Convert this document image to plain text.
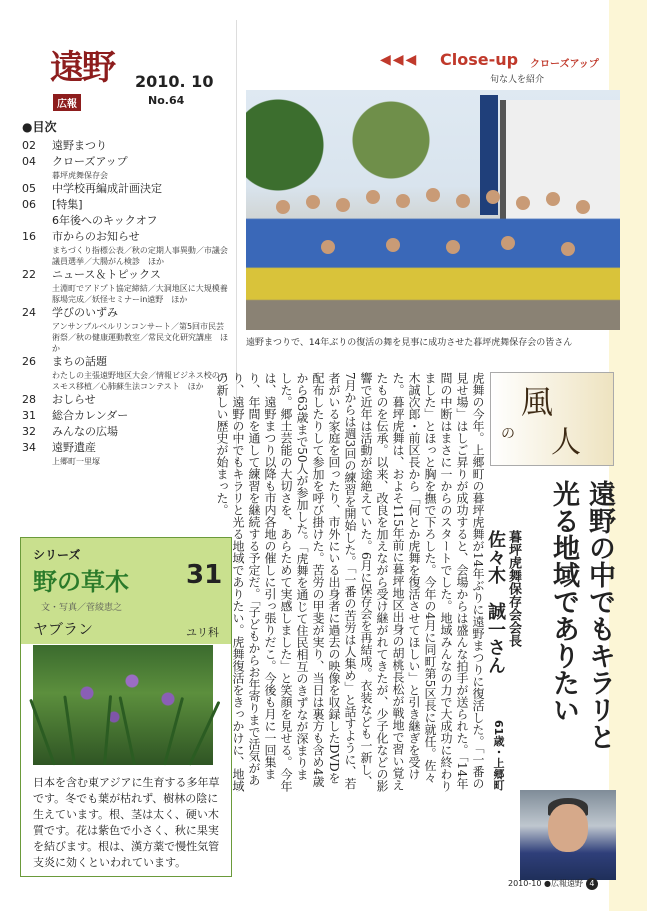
遠野
広報
2010. 10
No.64
●目次
02	遠野まつり
04	クローズアップ
暮坪虎舞保存会
05	中学校再編成計画決定
06	[特集]
6年後へのキックオフ
16	市からのお知らせ
まちづくり指標公表／秋の定期人事異動／市議会議員選挙／大腸がん検診　ほか
22	ニュース＆トピックス
土淵町でアドプト協定締結／大洞地区に大規模養豚場完成／妖怪セミナーin遠野　ほか
24	学びのいずみ
アンサンブルベルリンコンサート／第5回市民芸術祭／秋の健康運動教室／常民文化研究講座　ほか
26	まちの話題
わたしの主張遠野地区大会／情報ビジネス校のコスモス移植／心肺蘇生法コンテスト　ほか
28	おしらせ
31	総合カレンダー
32	みんなの広場
34	遠野遺産
上郷町一里塚
シリーズ
野の草木 31
文・写真／菅綾恵之
ヤブラン	ユリ科
日本を含む東アジアに生育する多年草です。冬でも葉が枯れず、樹林の陰に生えています。根、茎は太く、硬い木質です。花は紫色で小さく、秋に果実を結びます。根は、漢方薬で慢性気管支炎に効くといわれています。
◀◀◀ Close-up クローズアップ
旬な人を紹介
遠野まつりで、14年ぶりの復活の舞を見事に成功させた暮坪虎舞保存会の皆さん
風
の 人
遠野の中でもキラリと光る地域でありたい
暮坪虎舞保存会会長
佐々木　誠一さん
61歳・上郷町
虎舞の今年。上郷町の暮坪虎舞が14年ぶりに遠野まつりに復活した。「一番の見せ場」はしご昇りが成功すると、会場からは盛んな拍手が送られた。「14年間の中断はまさに一からのスタートでした。地域みんなの力で大成功に終わりました」とほっと胸を撫で下ろした。今年の4月に同町第5区長に就任。佐々木誠次郎・前区長から「何とか虎舞を復活させてほしい」と引き継ぎを受けた。暮坪虎舞は、およそ115年前に暮坪地区出身の胡桃長松が戦地で習い覚えたものを伝承。以来、改良を加えながら受け継がれてきたが、少子化などの影響で近年は活動が途絶えていた。6月に保存会を再結成。衣装なども一新し、7月からは週3回の練習を開始した。「一番の苦労は人集め」と話すように、若者がいる家庭を回ったり、市外にいる出身者に過去の映像を収録したDVDを配布したりして参加を呼び掛けた。苦労の甲斐が実り、当日は裏方も含め4歳から63歳まで50人が参加した。「虎舞を通じて住民相互のきずなが深まりました。郷土芸能の大切さを、あらためて実感しました」と笑顔を見せる。今年は、遠野まつり以降も市内各地の催しに引っ張りだこ。今後も月に一回集まり、年間を通して練習を継続する予定だ。「子どもからお年寄りまで活気があり、遠野の中でもキラリと光る地域でありたい。虎舞復活をきっかけに、地域の新しい歴史が始まった。
2010-10 ●広報遠野 4
